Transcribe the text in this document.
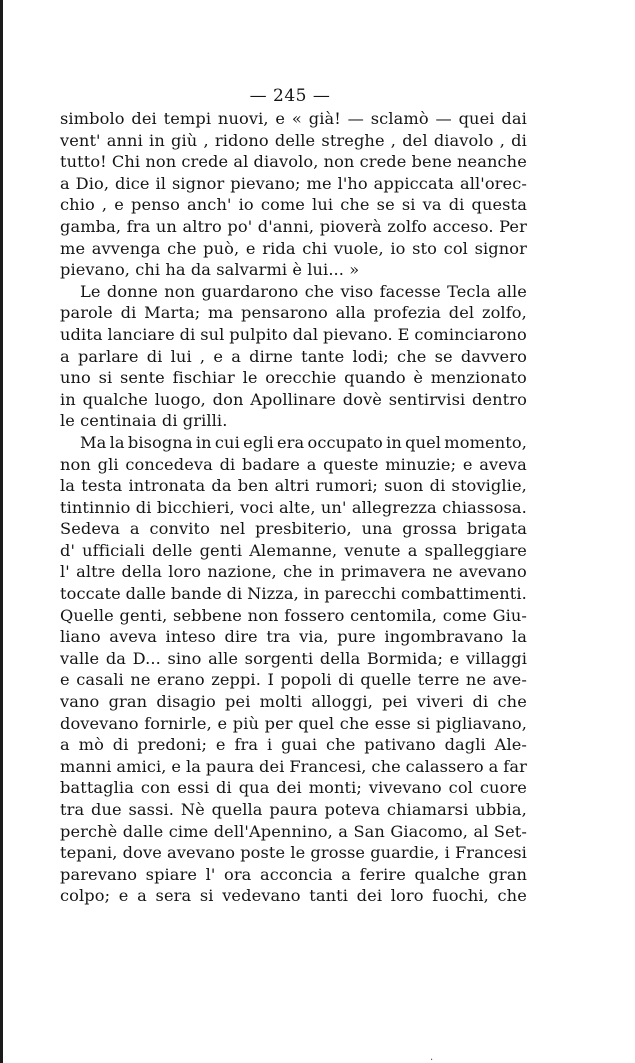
— 245 —
simbolo dei tempi nuovi, e « già! — sclamò — quei dai
vent' anni in giù , ridono delle streghe , del diavolo , di
tutto! Chi non crede al diavolo, non crede bene neanche
a Dio, dice il signor pievano; me l'ho appiccata all'orec-
chio , e penso anch' io come lui che se si va di questa
gamba, fra un altro po' d'anni, pioverà zolfo acceso. Per
me avvenga che può, e rida chi vuole, io sto col signor
pievano, chi ha da salvarmi è lui... »
Le donne non guardarono che viso facesse Tecla alle
parole di Marta; ma pensarono alla profezia del zolfo,
udita lanciare di sul pulpito dal pievano. E cominciarono
a parlare di lui , e a dirne tante lodi; che se davvero
uno si sente fischiar le orecchie quando è menzionato
in qualche luogo, don Apollinare dovè sentirvisi dentro
le centinaia di grilli.
Ma la bisogna in cui egli era occupato in quel momento,
non gli concedeva di badare a queste minuzie; e aveva
la testa intronata da ben altri rumori; suon di stoviglie,
tintinnio di bicchieri, voci alte, un' allegrezza chiassosa.
Sedeva a convito nel presbiterio, una grossa brigata
d' ufficiali delle genti Alemanne, venute a spalleggiare
l' altre della loro nazione, che in primavera ne avevano
toccate dalle bande di Nizza, in parecchi combattimenti.
Quelle genti, sebbene non fossero centomila, come Giu-
liano aveva inteso dire tra via, pure ingombravano la
valle da D... sino alle sorgenti della Bormida; e villaggi
e casali ne erano zeppi. I popoli di quelle terre ne ave-
vano gran disagio pei molti alloggi, pei viveri di che
dovevano fornirle, e più per quel che esse si pigliavano,
a mò di predoni; e fra i guai che pativano dagli Ale-
manni amici, e la paura dei Francesi, che calassero a far
battaglia con essi di qua dei monti; vivevano col cuore
tra due sassi. Nè quella paura poteva chiamarsi ubbia,
perchè dalle cime dell'Apennino, a San Giacomo, al Set-
tepani, dove avevano poste le grosse guardie, i Francesi
parevano spiare l' ora acconcia a ferire qualche gran
colpo; e a sera si vedevano tanti dei loro fuochi, che
.
